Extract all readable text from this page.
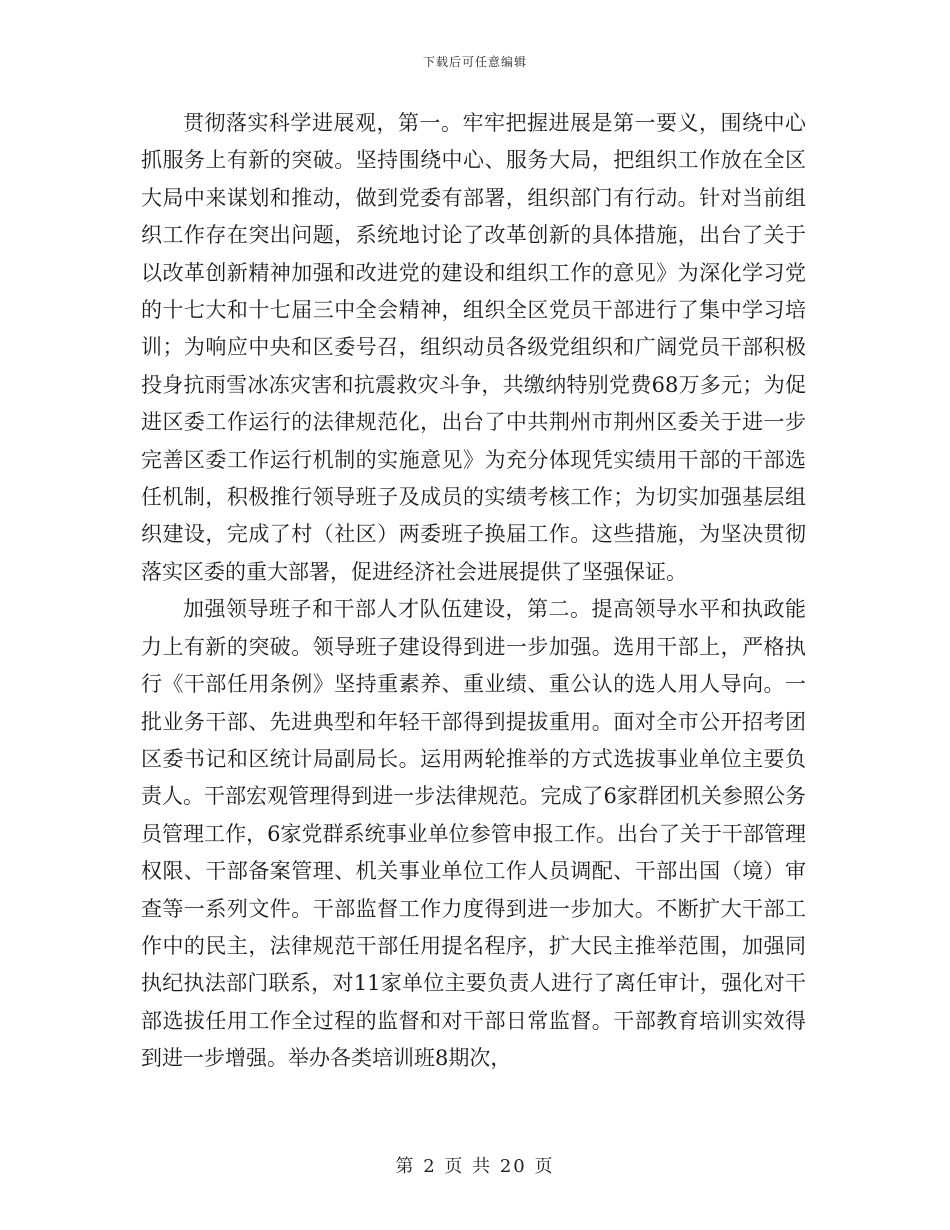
下载后可任意编辑

贯彻落实科学进展观，第一。牢牢把握进展是第一要义，围绕中心抓服务上有新的突破。坚持围绕中心、服务大局，把组织工作放在全区大局中来谋划和推动，做到党委有部署，组织部门有行动。针对当前组织工作存在突出问题，系统地讨论了改革创新的具体措施，出台了关于以改革创新精神加强和改进党的建设和组织工作的意见》为深化学习党的十七大和十七届三中全会精神，组织全区党员干部进行了集中学习培训；为响应中央和区委号召，组织动员各级党组织和广阔党员干部积极投身抗雨雪冰冻灾害和抗震救灾斗争，共缴纳特别党费68万多元；为促进区委工作运行的法律规范化，出台了中共荆州市荆州区委关于进一步完善区委工作运行机制的实施意见》为充分体现凭实绩用干部的干部选任机制，积极推行领导班子及成员的实绩考核工作；为切实加强基层组织建设，完成了村（社区）两委班子换届工作。这些措施，为坚决贯彻落实区委的重大部署，促进经济社会进展提供了坚强保证。

加强领导班子和干部人才队伍建设，第二。提高领导水平和执政能力上有新的突破。领导班子建设得到进一步加强。选用干部上，严格执行《干部任用条例》坚持重素养、重业绩、重公认的选人用人导向。一批业务干部、先进典型和年轻干部得到提拔重用。面对全市公开招考团区委书记和区统计局副局长。运用两轮推举的方式选拔事业单位主要负责人。干部宏观管理得到进一步法律规范。完成了6家群团机关参照公务员管理工作，6家党群系统事业单位参管申报工作。出台了关于干部管理权限、干部备案管理、机关事业单位工作人员调配、干部出国（境）审查等一系列文件。干部监督工作力度得到进一步加大。不断扩大干部工作中的民主，法律规范干部任用提名程序，扩大民主推举范围，加强同执纪执法部门联系，对11家单位主要负责人进行了离任审计，强化对干部选拔任用工作全过程的监督和对干部日常监督。干部教育培训实效得到进一步增强。举办各类培训班8期次，

第 2 页 共 20 页
